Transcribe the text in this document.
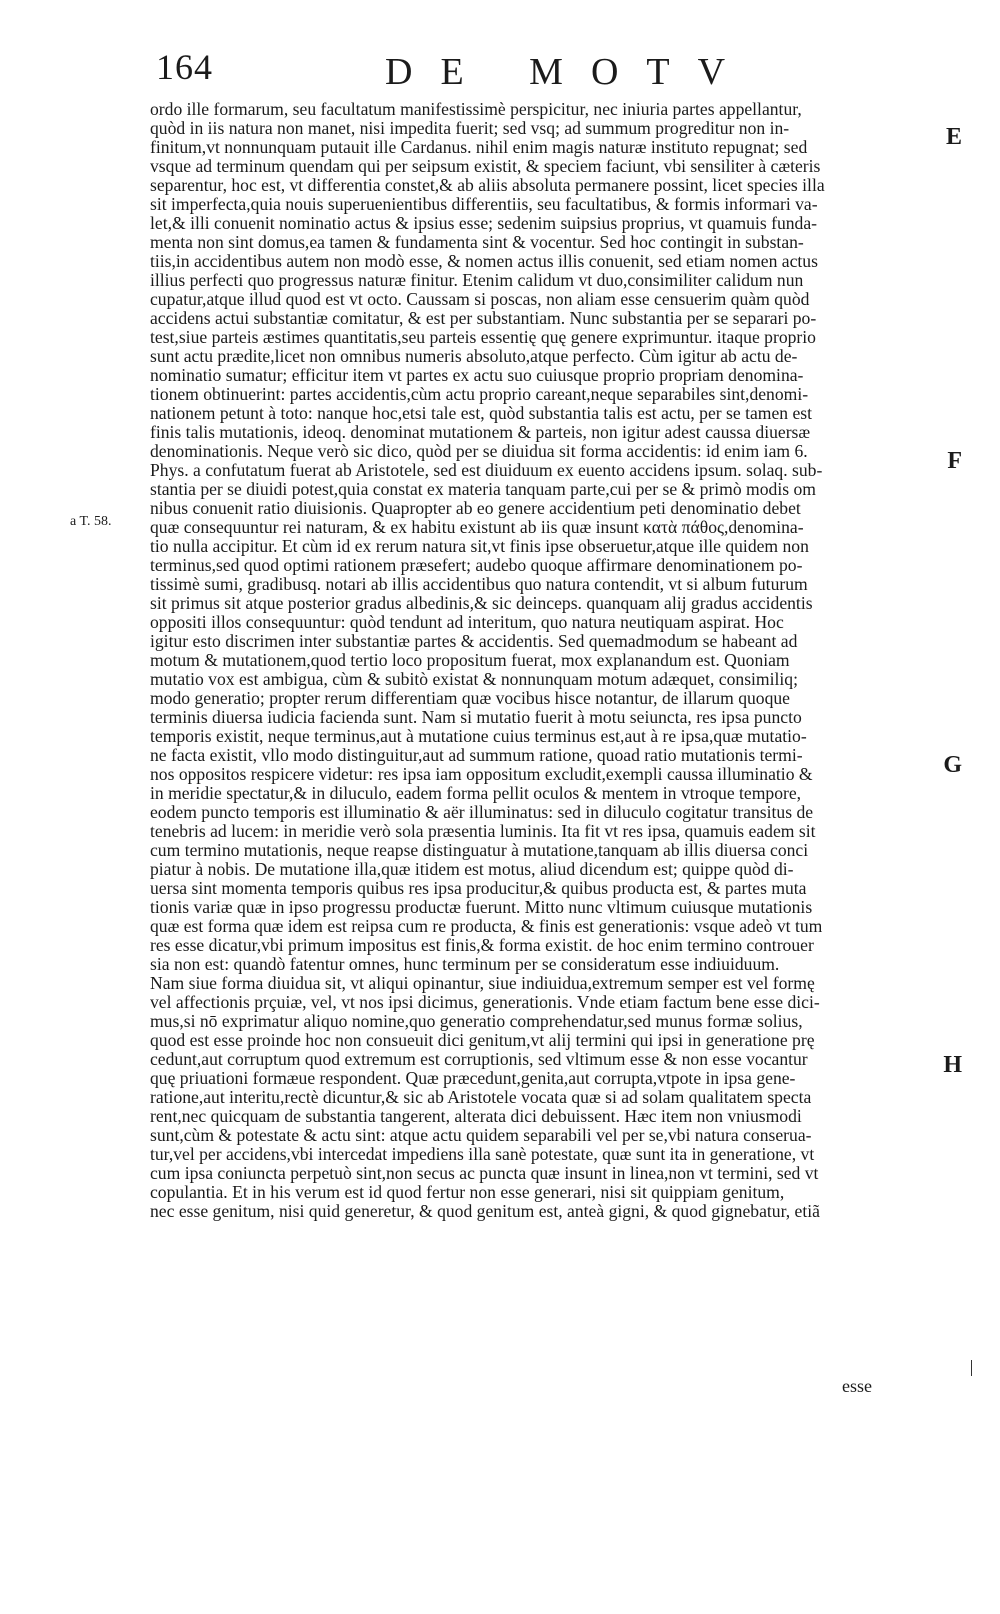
164	DE MOTV
a T. 58.
E
F
G
H
ordo ille formarum, seu facultatum manifestissimè perspicitur, nec iniuria partes appellantur,
quòd in iis natura non manet, nisi impedita fuerit; sed vsq; ad summum progreditur non in-
finitum,vt nonnunquam putauit ille Cardanus. nihil enim magis naturæ instituto repugnat; sed
vsque ad terminum quendam qui per seipsum existit, & speciem faciunt, vbi sensiliter à cæteris
separentur, hoc est, vt differentia constet,& ab aliis absoluta permanere possint, licet species illa
sit imperfecta,quia nouis superuenientibus differentiis, seu facultatibus, & formis informari va-
let,& illi conuenit nominatio actus & ipsius esse; sedenim suipsius proprius, vt quamuis funda-
menta non sint domus,ea tamen & fundamenta sint & vocentur. Sed hoc contingit in substan-
tiis,in accidentibus autem non modò esse, & nomen actus illis conuenit, sed etiam nomen actus
illius perfecti quo progressus naturæ finitur. Etenim calidum vt duo,consimiliter calidum nun
cupatur,atque illud quod est vt octo. Caussam si poscas, non aliam esse censuerim quàm quòd
accidens actui substantiæ comitatur, & est per substantiam. Nunc substantia per se separari po-
test,siue parteis æstimes quantitatis,seu parteis essentię quę genere exprimuntur. itaque proprio
sunt actu prædite,licet non omnibus numeris absoluto,atque perfecto. Cùm igitur ab actu de-
nominatio sumatur; efficitur item vt partes ex actu suo cuiusque proprio propriam denomina-
tionem obtinuerint: partes accidentis,cùm actu proprio careant,neque separabiles sint,denomi-
nationem petunt à toto: nanque hoc,etsi tale est, quòd substantia talis est actu, per se tamen est
finis talis mutationis, ideoq. denominat mutationem & parteis, non igitur adest caussa diuersæ
denominationis. Neque verò sic dico, quòd per se diuidua sit forma accidentis: id enim iam 6.
Phys. a confutatum fuerat ab Aristotele, sed est diuiduum ex euento accidens ipsum. solaq. sub-
stantia per se diuidi potest,quia constat ex materia tanquam parte,cui per se & primò modis om
nibus conuenit ratio diuisionis. Quapropter ab eo genere accidentium peti denominatio debet
quæ consequuntur rei naturam, & ex habitu existunt ab iis quæ insunt κατὰ πάθος,denomina-
tio nulla accipitur. Et cùm id ex rerum natura sit,vt finis ipse obseruetur,atque ille quidem non
terminus,sed quod optimi rationem præsefert; audebo quoque affirmare denominationem po-
tissimè sumi, gradibusq. notari ab illis accidentibus quo natura contendit, vt si album futurum
sit primus sit atque posterior gradus albedinis,& sic deinceps. quanquam alij gradus accidentis
oppositi illos consequuntur: quòd tendunt ad interitum, quo natura neutiquam aspirat. Hoc
igitur esto discrimen inter substantiæ partes & accidentis. Sed quemadmodum se habeant ad
motum & mutationem,quod tertio loco propositum fuerat, mox explanandum est. Quoniam
mutatio vox est ambigua, cùm & subitò existat & nonnunquam motum adæquet, consimiliq;
modo generatio; propter rerum differentiam quæ vocibus hisce notantur, de illarum quoque
terminis diuersa iudicia facienda sunt. Nam si mutatio fuerit à motu seiuncta, res ipsa puncto
temporis existit, neque terminus,aut à mutatione cuius terminus est,aut à re ipsa,quæ mutatio-
ne facta existit, vllo modo distinguitur,aut ad summum ratione, quoad ratio mutationis termi-
nos oppositos respicere videtur: res ipsa iam oppositum excludit,exempli caussa illuminatio &
in meridie spectatur,& in diluculo, eadem forma pellit oculos & mentem in vtroque tempore,
eodem puncto temporis est illuminatio & aër illuminatus: sed in diluculo cogitatur transitus de
tenebris ad lucem: in meridie verò sola præsentia luminis. Ita fit vt res ipsa, quamuis eadem sit
cum termino mutationis, neque reapse distinguatur à mutatione,tanquam ab illis diuersa conci
piatur à nobis. De mutatione illa,quæ itidem est motus, aliud dicendum est; quippe quòd di-
uersa sint momenta temporis quibus res ipsa producitur,& quibus producta est, & partes muta
tionis variæ quæ in ipso progressu productæ fuerunt. Mitto nunc vltimum cuiusque mutationis
quæ est forma quæ idem est reipsa cum re producta, & finis est generationis: vsque adeò vt tum
res esse dicatur,vbi primum impositus est finis,& forma existit. de hoc enim termino controuer
sia non est: quandò fatentur omnes, hunc terminum per se consideratum esse indiuiduum.
Nam siue forma diuidua sit, vt aliqui opinantur, siue indiuidua,extremum semper est vel formę
vel affectionis prçuiæ, vel, vt nos ipsi dicimus, generationis. Vnde etiam factum bene esse dici-
mus,si nō exprimatur aliquo nomine,quo generatio comprehendatur,sed munus formæ solius,
quod est esse proinde hoc non consueuit dici genitum,vt alij termini qui ipsi in generatione prę
cedunt,aut corruptum quod extremum est corruptionis, sed vltimum esse & non esse vocantur
quę priuationi formæue respondent. Quæ præcedunt,genita,aut corrupta,vtpote in ipsa gene-
ratione,aut interitu,rectè dicuntur,& sic ab Aristotele vocata quæ si ad solam qualitatem specta
rent,nec quicquam de substantia tangerent, alterata dici debuissent. Hæc item non vniusmodi
sunt,cùm & potestate & actu sint: atque actu quidem separabili vel per se,vbi natura conserua-
tur,vel per accidens,vbi intercedat impediens illa sanè potestate, quæ sunt ita in generatione, vt
cum ipsa coniuncta perpetuò sint,non secus ac puncta quæ insunt in linea,non vt termini, sed vt
copulantia. Et in his verum est id quod fertur non esse generari, nisi sit quippiam genitum,
nec esse genitum, nisi quid generetur, & quod genitum est, anteà gigni, & quod gignebatur, etiã
esse
